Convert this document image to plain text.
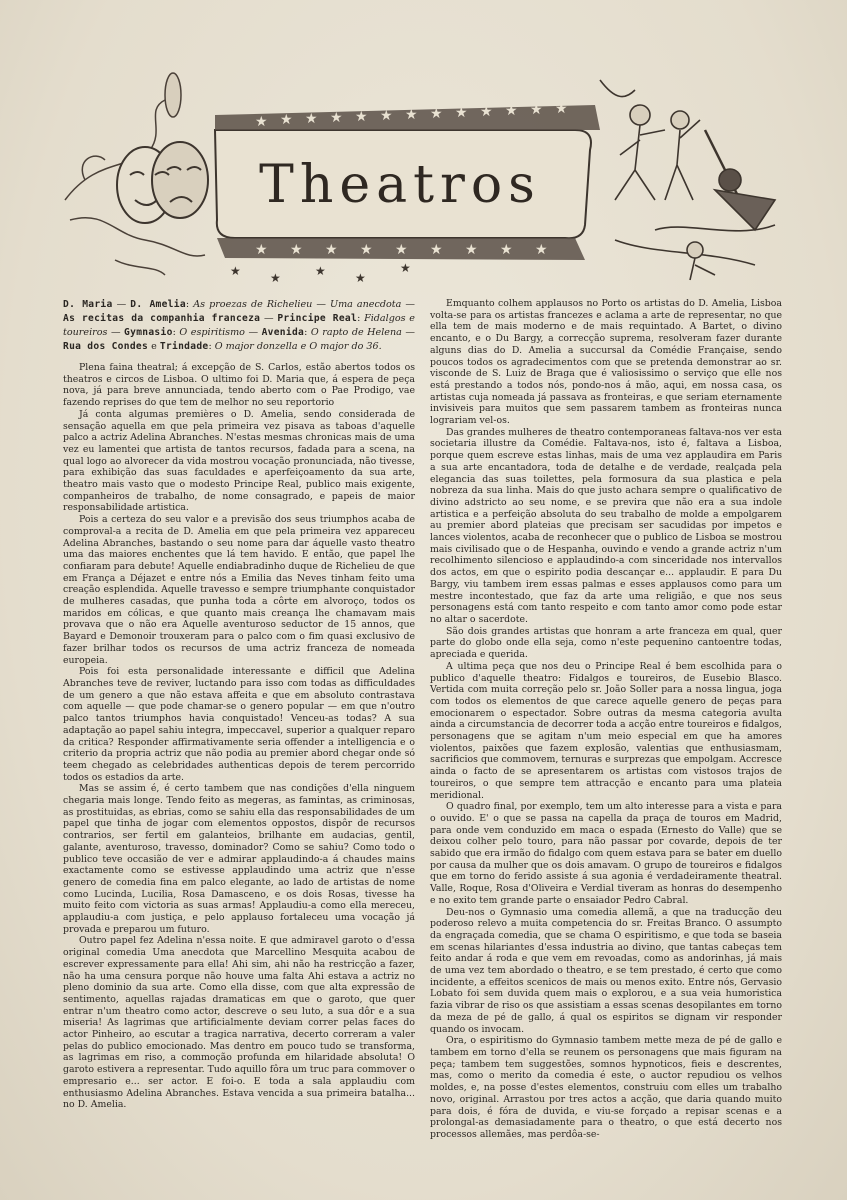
★ ★ ★ ★ ★ ★ ★ ★ ★ ★ ★ ★ ★
★ ★ ★ ★ ★ ★ ★ ★ ★
★ ★	★ ★
★
Theatros

D. Maria — D. Amelia: As proezas de Richelieu — Uma anecdota — As recitas da companhia franceza — Principe Real: Fidalgos e toureiros — Gymnasio: O espiritismo — Avenida: O rapto de Helena — Rua dos Condes e Trindade: O major donzella e O major do 36.

Plena faina theatral; á excepção de S. Carlos, estão abertos todos os theatros e circos de Lisboa. O ultimo foi D. Maria que, á espera de peça nova, já para breve annunciada, tendo aberto com o Pae Prodigo, vae fazendo reprises do que tem de melhor no seu reportorio

Já conta algumas premières o D. Amelia, sendo considerada de sensação aquella em que pela primeira vez pisava as taboas d'aquelle palco a actriz Adelina Abranches. N'estas mesmas chronicas mais de uma vez eu lamentei que artista de tantos recursos, fadada para a scena, na qual logo ao alvorecer da vida mostrou vocação pronunciada, não tivesse, para exhibição das suas faculdades e aperfeiçoamento da sua arte, theatro mais vasto que o modesto Principe Real, publico mais exigente, companheiros de trabalho, de nome consagrado, e papeis de maior responsabilidade artistica.

Pois a certeza do seu valor e a previsão dos seus triumphos acaba de comproval-a a recita de D. Amelia em que pela primeira vez appareceu Adelina Abranches, bastando o seu nome para dar áquelle vasto theatro uma das maiores enchentes que lá tem havido. E então, que papel lhe confiaram para debute! Aquelle endiabradinho duque de Richelieu de que em França a Déjazet e entre nós a Emilia das Neves tinham feito uma creação esplendida. Aquelle travesso e sempre triumphante conquistador de mulheres casadas, que punha toda a côrte em alvoroço, todos os maridos em cólicas, e que quanto mais creança lhe chamavam mais provava que o não era Aquelle aventuroso seductor de 15 annos, que Bayard e Demonoir trouxeram para o palco com o fim quasi exclusivo de fazer brilhar todos os recursos de uma actriz franceza de nomeada europeia.

Pois foi esta personalidade interessante e difficil que Adelina Abranches teve de reviver, luctando para isso com todas as difficuldades de um genero a que não estava affeita e que em absoluto contrastava com aquelle — que pode chamar-se o genero popular — em que n'outro palco tantos triumphos havia conquistado! Venceu-as todas? A sua adaptação ao papel sahiu integra, impeccavel, superior a qualquer reparo da critica? Responder affirmativamente seria offender a intelligencia e o criterio da propria actriz que não podia au premier abord chegar onde só teem chegado as celebridades authenticas depois de terem percorrido todos os estadios da arte.

Mas se assim é, é certo tambem que nas condições d'ella ninguem chegaria mais longe. Tendo feito as megeras, as famintas, as criminosas, as prostituidas, as ebrias, como se sahiu ella das responsabilidades de um papel que tinha de jogar com elementos oppostos, dispôr de recursos contrarios, ser fertil em galanteios, brilhante em audacias, gentil, galante, aventuroso, travesso, dominador? Como se sahiu? Como todo o publico teve occasião de ver e admirar applaudindo-a á chaudes mains exactamente como se estivesse applaudindo uma actriz que n'esse genero de comedia fina em palco elegante, ao lado de artistas de nome como Lucinda, Lucilia, Rosa Damasceno, e os dois Rosas, tivesse ha muito feito com victoria as suas armas! Applaudiu-a como ella mereceu, applaudiu-a com justiça, e pelo applauso fortaleceu uma vocação já provada e preparou um futuro.

Outro papel fez Adelina n'essa noite. E que admiravel garoto o d'essa original comedia Uma anecdota que Marcellino Mesquita acabou de escrever expressamente para ella! Ahi sim, ahi não ha restricção a fazer, não ha uma censura porque não houve uma falta Ahi estava a actriz no pleno dominio da sua arte. Como ella disse, com que alta expressão de sentimento, aquellas rajadas dramaticas em que o garoto, que quer entrar n'um theatro como actor, descreve o seu luto, a sua dôr e a sua miseria! As lagrimas que artificialmente deviam correr pelas faces do actor Pinheiro, ao escutar a tragica narrativa, decerto correram a valer pelas do publico emocionado. Mas dentro em pouco tudo se transforma, as lagrimas em riso, a commoção profunda em hilaridade absoluta! O garoto estivera a representar. Tudo aquillo fôra um truc para commover o empresario e... ser actor. E foi-o. E toda a sala applaudiu com enthusiasmo Adelina Abranches. Estava vencida a sua primeira batalha... no D. Amelia.

Emquanto colhem applausos no Porto os artistas do D. Amelia, Lisboa volta-se para os artistas francezes e aclama a arte de representar, no que ella tem de mais moderno e de mais requintado. A Bartet, o divino encanto, e o Du Bargy, a correcção suprema, resolveram fazer durante alguns dias do D. Amelia a succursal da Comédie Française, sendo poucos todos os agradecimentos com que se pretenda demonstrar ao sr. visconde de S. Luiz de Braga que é valiosissimo o serviço que elle nos está prestando a todos nós, pondo-nos á mão, aqui, em nossa casa, os artistas cuja nomeada já passava as fronteiras, e que seriam eternamente invisiveis para muitos que sem passarem tambem as fronteiras nunca lograriam vel-os.

Das grandes mulheres de theatro contemporaneas faltava-nos ver esta societaria illustre da Comédie. Faltava-nos, isto é, faltava a Lisboa, porque quem escreve estas linhas, mais de uma vez applaudira em Paris a sua arte encantadora, toda de detalhe e de verdade, realçada pela elegancia das suas toilettes, pela formosura da sua plastica e pela nobreza da sua linha. Mais do que justo achara sempre o qualificativo de divino adstricto ao seu nome, e se previra que não era a sua indole artistica e a perfeição absoluta do seu trabalho de molde a empolgarem au premier abord plateias que precisam ser sacudidas por impetos e lances violentos, acaba de reconhecer que o publico de Lisboa se mostrou mais civilisado que o de Hespanha, ouvindo e vendo a grande actriz n'um recolhimento silencioso e applaudindo-a com sinceridade nos intervallos dos actos, em que o espirito podia descançar e... applaudir. E para Du Bargy, viu tambem irem essas palmas e esses applausos como para um mestre incontestado, que faz da arte uma religião, e que nos seus personagens está com tanto respeito e com tanto amor como pode estar no altar o sacerdote.

São dois grandes artistas que honram a arte franceza em qual, quer parte do globo onde ella seja, como n'este pequenino cantoentre todas, apreciada e querida.

A ultima peça que nos deu o Principe Real é bem escolhida para o publico d'aquelle theatro: Fidalgos e toureiros, de Eusebio Blasco. Vertida com muita correção pelo sr. João Soller para a nossa lingua, joga com todos os elementos de que carece aquelle genero de peças para emocionarem o espectador. Sobre outras da mesma categoria avulta ainda a circumstancia de decorrer toda a acção entre toureiros e fidalgos, personagens que se agitam n'um meio especial em que ha amores violentos, paixões que fazem explosão, valentias que enthusiasmam, sacrificios que commovem, ternuras e surprezas que empolgam. Accresce ainda o facto de se apresentarem os artistas com vistosos trajos de toureiros, o que sempre tem attracção e encanto para uma plateia meridional.

O quadro final, por exemplo, tem um alto interesse para a vista e para o ouvido. E' o que se passa na capella da praça de touros em Madrid, para onde vem conduzido em maca o espada (Ernesto do Valle) que se deixou colher pelo touro, para não passar por covarde, depois de ter sabido que era irmão do fidalgo com quem estava para se bater em duello por causa da mulher que os dois amavam. O grupo de toureiros e fidalgos que em torno do ferido assiste á sua agonia é verdadeiramente theatral. Valle, Roque, Rosa d'Oliveira e Verdial tiveram as honras do desempenho e no exito tem grande parte o ensaiador Pedro Cabral.

Deu-nos o Gymnasio uma comedia allemã, a que na traducção deu poderoso relevo a muita competencia do sr. Freitas Branco. O assumpto da engraçada comedia, que se chama O espiritismo, e que toda se baseia em scenas hilariantes d'essa industria ao divino, que tantas cabeças tem feito andar á roda e que vem em revoadas, como as andorinhas, já mais de uma vez tem abordado o theatro, e se tem prestado, é certo que como incidente, a effeitos scenicos de mais ou menos exito. Entre nós, Gervasio Lobato foi sem duvida quem mais o explorou, e a sua veia humoristica fazia vibrar de riso os que assistiam a essas scenas desopilantes em torno da meza de pé de gallo, á qual os espiritos se dignam vir responder quando os invocam.

Ora, o espiritismo do Gymnasio tambem mette meza de pé de gallo e tambem em torno d'ella se reunem os personagens que mais figuram na peça; tambem tem suggestões, somnos hypnoticos, fieis e descrentes, mas, como o merito da comedia é este, o auctor repudiou os velhos moldes, e, na posse d'estes elementos, construiu com elles um trabalho novo, original. Arrastou por tres actos a acção, que daria quando muito para dois, é fóra de duvida, e viu-se forçado a repisar scenas e a prolongal-as demasiadamente para o theatro, o que está decerto nos processos allemães, mas perdôa-se-
